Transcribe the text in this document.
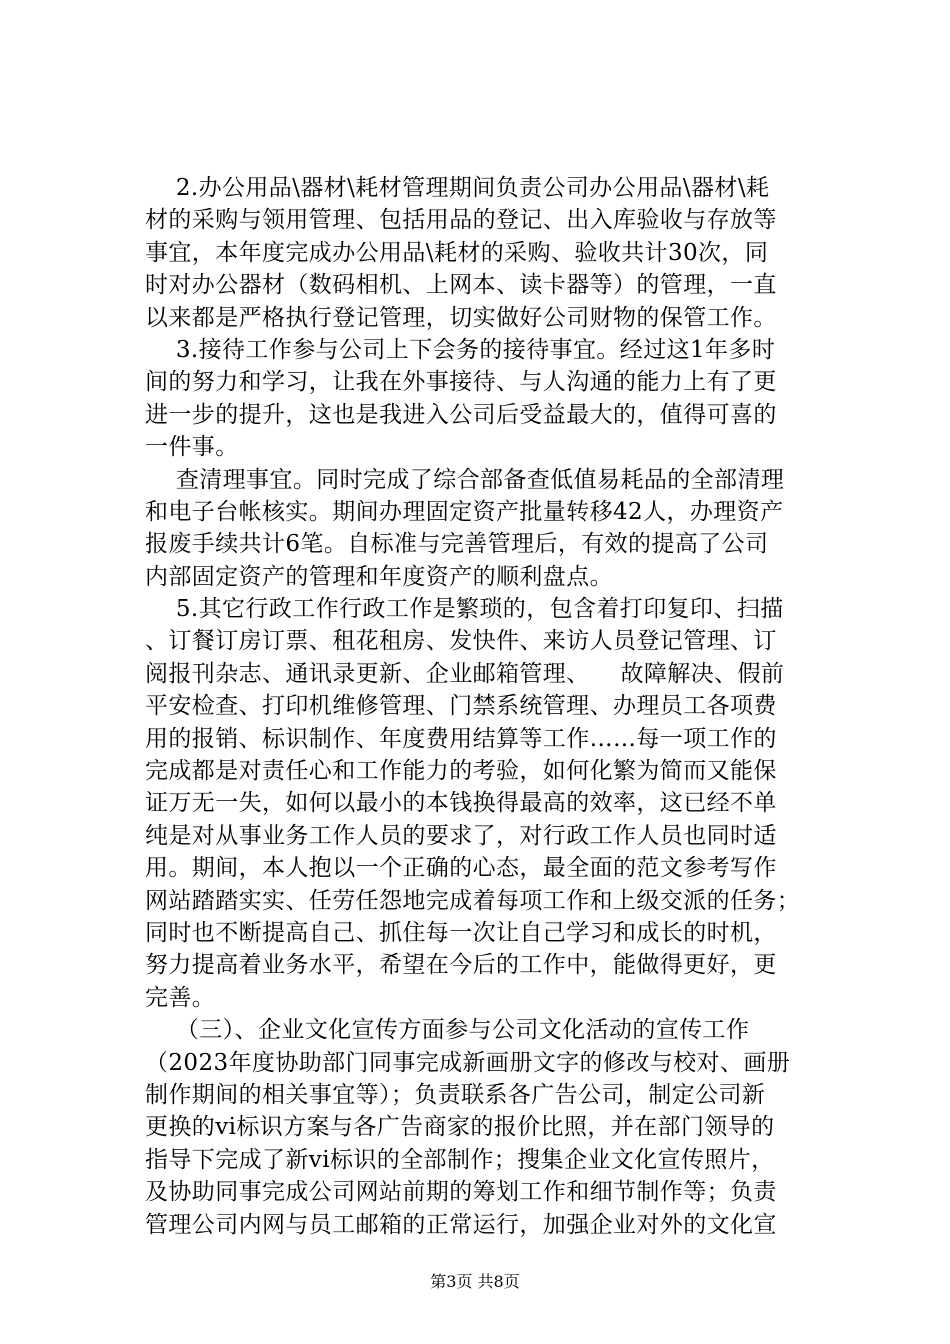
2.办公用品\器材\耗材管理期间负责公司办公用品\器材\耗
材的采购与领用管理、包括用品的登记、出入库验收与存放等
事宜，本年度完成办公用品\耗材的采购、验收共计30次，同
时对办公器材（数码相机、上网本、读卡器等）的管理，一直
以来都是严格执行登记管理，切实做好公司财物的保管工作。
3.接待工作参与公司上下会务的接待事宜。经过这1年多时
间的努力和学习，让我在外事接待、与人沟通的能力上有了更
进一步的提升，这也是我进入公司后受益最大的，值得可喜的
一件事。
查清理事宜。同时完成了综合部备查低值易耗品的全部清理
和电子台帐核实。期间办理固定资产批量转移42人，办理资产
报废手续共计6笔。自标准与完善管理后，有效的提高了公司
内部固定资产的管理和年度资产的顺利盘点。
5.其它行政工作行政工作是繁琐的，包含着打印复印、扫描
、订餐订房订票、租花租房、发快件、来访人员登记管理、订
阅报刊杂志、通讯录更新、企业邮箱管理、    故障解决、假前
平安检查、打印机维修管理、门禁系统管理、办理员工各项费
用的报销、标识制作、年度费用结算等工作……每一项工作的
完成都是对责任心和工作能力的考验，如何化繁为简而又能保
证万无一失，如何以最小的本钱换得最高的效率，这已经不单
纯是对从事业务工作人员的要求了，对行政工作人员也同时适
用。期间，本人抱以一个正确的心态，最全面的范文参考写作
网站踏踏实实、任劳任怨地完成着每项工作和上级交派的任务；
同时也不断提高自己、抓住每一次让自己学习和成长的时机，
努力提高着业务水平，希望在今后的工作中，能做得更好，更
完善。
（三）、企业文化宣传方面参与公司文化活动的宣传工作
（2023年度协助部门同事完成新画册文字的修改与校对、画册
制作期间的相关事宜等）；负责联系各广告公司，制定公司新
更换的vi标识方案与各广告商家的报价比照，并在部门领导的
指导下完成了新vi标识的全部制作；搜集企业文化宣传照片，
及协助同事完成公司网站前期的筹划工作和细节制作等；负责
管理公司内网与员工邮箱的正常运行，加强企业对外的文化宣
第3页 共8页
